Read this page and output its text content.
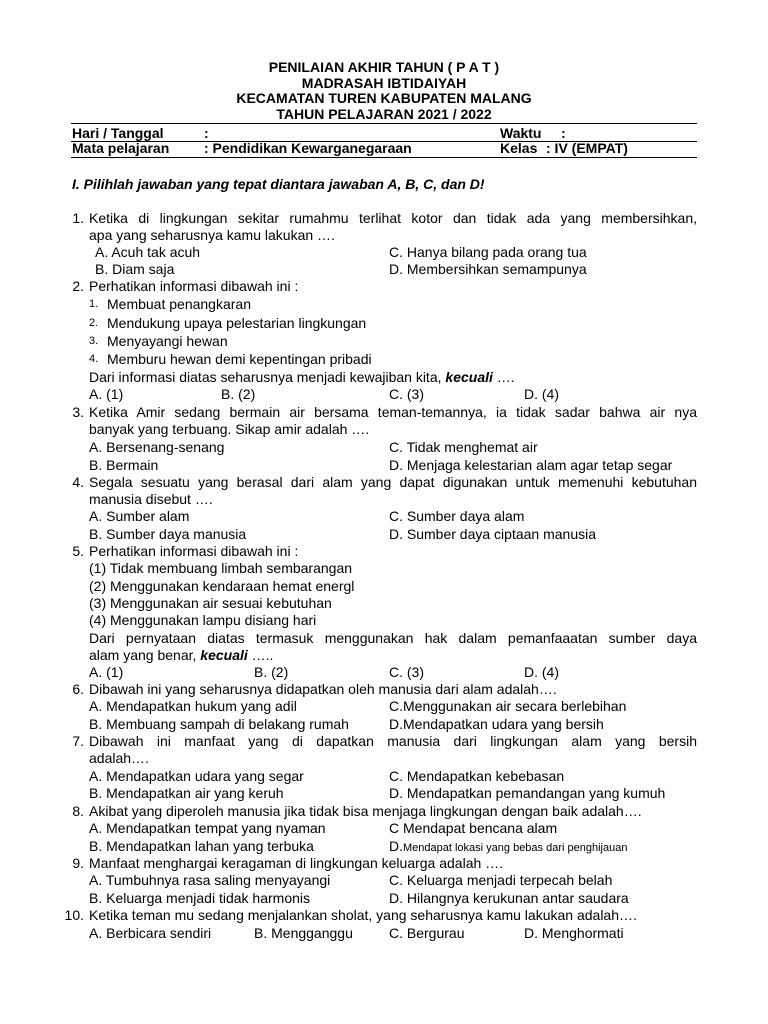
PENILAIAN AKHIR TAHUN ( P A T )
MADRASAH IBTIDAIYAH
KECAMATAN TUREN KABUPATEN MALANG
TAHUN PELAJARAN 2021 / 2022
Hari / Tanggal	:	Waktu :
Mata pelajaran : Pendidikan Kewarganegaraan	Kelas : IV (EMPAT)
I. Pilihlah jawaban yang tepat diantara jawaban A, B, C, dan D!
1. Ketika di lingkungan sekitar rumahmu terlihat kotor dan tidak ada yang membersihkan,
apa yang seharusnya kamu lakukan ….
A. Acuh tak acuh	C. Hanya bilang pada orang tua
B. Diam saja	D. Membersihkan semampunya
2. Perhatikan informasi dibawah ini :
1. Membuat penangkaran
2. Mendukung upaya pelestarian lingkungan
3. Menyayangi hewan
4. Memburu hewan demi kepentingan pribadi
Dari informasi diatas seharusnya menjadi kewajiban kita, kecuali ….
A. (1)	B. (2)	C. (3)	D. (4)
3. Ketika Amir sedang bermain air bersama teman-temannya, ia tidak sadar bahwa air nya
banyak yang terbuang. Sikap amir adalah ….
A. Bersenang-senang	C. Tidak menghemat air
B. Bermain	D. Menjaga kelestarian alam agar tetap segar
4. Segala sesuatu yang berasal dari alam yang dapat digunakan untuk memenuhi kebutuhan
manusia disebut ….
A. Sumber alam	C. Sumber daya alam
B. Sumber daya manusia	D. Sumber daya ciptaan manusia
5. Perhatikan informasi dibawah ini :
(1) Tidak membuang limbah sembarangan
(2) Menggunakan kendaraan hemat energl
(3) Menggunakan air sesuai kebutuhan
(4) Menggunakan lampu disiang hari
Dari pernyataan diatas termasuk menggunakan hak dalam pemanfaaatan sumber daya
alam yang benar, kecuali …..
A. (1)	B. (2)	C. (3)	D. (4)
6. Dibawah ini yang seharusnya didapatkan oleh manusia dari alam adalah….
A. Mendapatkan hukum yang adil	C.Menggunakan air secara berlebihan
B. Membuang sampah di belakang rumah	D.Mendapatkan udara yang bersih
7. Dibawah ini manfaat yang di dapatkan manusia dari lingkungan alam yang bersih
adalah….
A. Mendapatkan udara yang segar	C. Mendapatkan kebebasan
B. Mendapatkan air yang keruh	D. Mendapatkan pemandangan yang kumuh
8. Akibat yang diperoleh manusia jika tidak bisa menjaga lingkungan dengan baik adalah….
A. Mendapatkan tempat yang nyaman	C Mendapat bencana alam
B. Mendapatkan lahan yang terbuka	D.Mendapat lokasi yang bebas dari penghijauan
9. Manfaat menghargai keragaman di lingkungan keluarga adalah ….
A. Tumbuhnya rasa saling menyayangi	C. Keluarga menjadi terpecah belah
B. Keluarga menjadi tidak harmonis	D. Hilangnya kerukunan antar saudara
10. Ketika teman mu sedang menjalankan sholat, yang seharusnya kamu lakukan adalah….
A. Berbicara sendiri	B. Mengganggu	C. Bergurau	D. Menghormati
